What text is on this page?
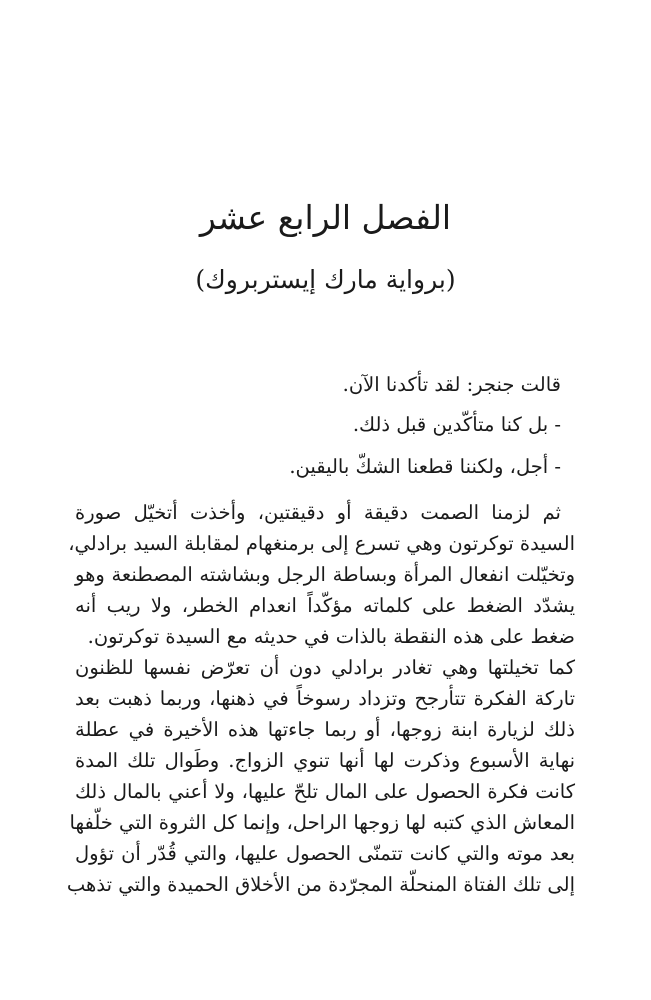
الفصل الرابع عشر
(برواية مارك إيستربروك)
قالت جنجر: لقد تأكدنا الآن.
- بل كنا متأكّدين قبل ذلك.
- أجل، ولكننا قطعنا الشكّ باليقين.
ثم لزمنا الصمت دقيقة أو دقيقتين، وأخذت أتخيّل صورة
السيدة توكرتون وهي تسرع إلى برمنغهام لمقابلة السيد برادلي،
وتخيّلت انفعال المرأة وبساطة الرجل وبشاشته المصطنعة وهو
يشدّد الضغط على كلماته مؤكّداً انعدام الخطر، ولا ريب أنه
ضغط على هذه النقطة بالذات في حديثه مع السيدة توكرتون.
كما تخيلتها وهي تغادر برادلي دون أن تعرّض نفسها للظنون
تاركة الفكرة تتأرجح وتزداد رسوخاً في ذهنها، وربما ذهبت بعد
ذلك لزيارة ابنة زوجها، أو ربما جاءتها هذه الأخيرة في عطلة
نهاية الأسبوع وذكرت لها أنها تنوي الزواج. وطَوال تلك المدة
كانت فكرة الحصول على المال تلحّ عليها، ولا أعني بالمال ذلك
المعاش الذي كتبه لها زوجها الراحل، وإنما كل الثروة التي خلّفها
بعد موته والتي كانت تتمنّى الحصول عليها، والتي قُدّر أن تؤول
إلى تلك الفتاة المنحلّة المجرّدة من الأخلاق الحميدة والتي تذهب
